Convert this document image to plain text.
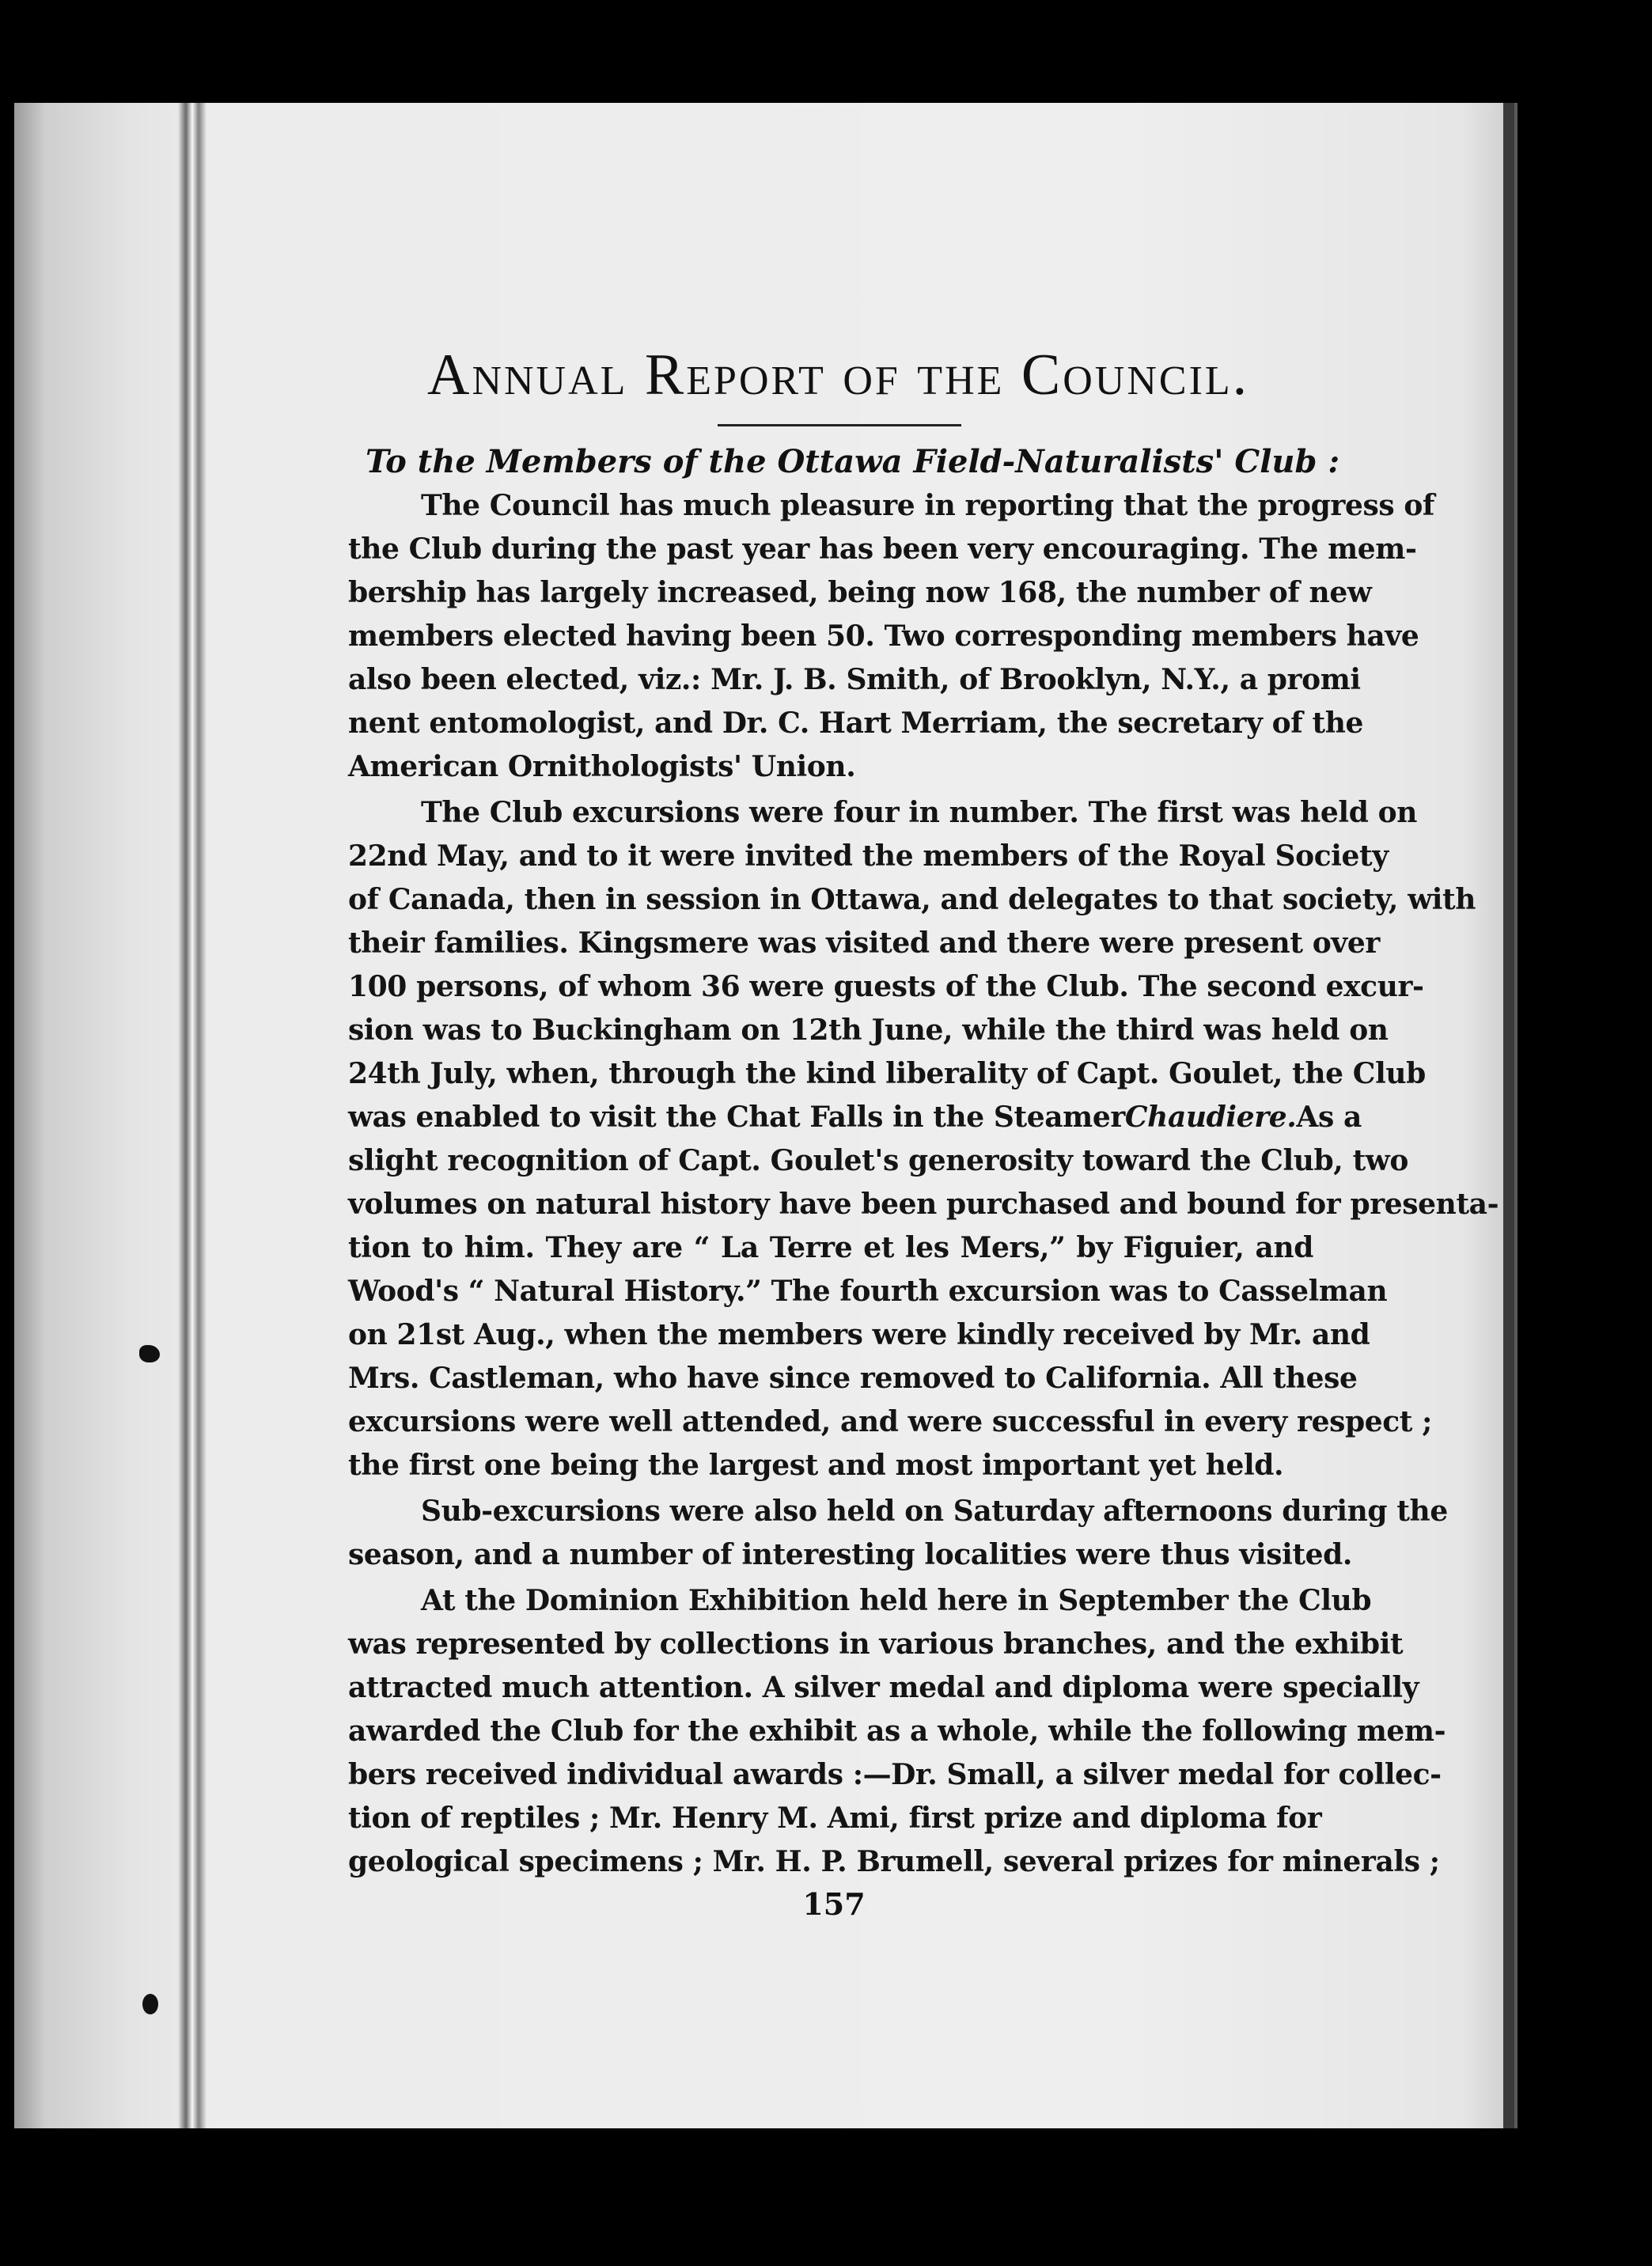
Annual Report of the Council.
To the Members of the Ottawa Field-Naturalists' Club :
The Council has much pleasure in reporting that the progress of
the Club during the past year has been very encouraging. The mem-
bership has largely increased, being now 168, the number of new
members elected having been 50. Two corresponding members have
also been elected, viz.: Mr. J. B. Smith, of Brooklyn, N.Y., a promi
nent entomologist, and Dr. C. Hart Merriam, the secretary of the
American Ornithologists' Union.
The Club excursions were four in number. The first was held on
22nd May, and to it were invited the members of the Royal Society
of Canada, then in session in Ottawa, and delegates to that society, with
their families. Kingsmere was visited and there were present over
100 persons, of whom 36 were guests of the Club. The second excur-
sion was to Buckingham on 12th June, while the third was held on
24th July, when, through the kind liberality of Capt. Goulet, the Club
was enabled to visit the Chat Falls in the Steamer Chaudiere. As a
slight recognition of Capt. Goulet's generosity toward the Club, two
volumes on natural history have been purchased and bound for presenta-
tion to him. They are “ La Terre et les Mers,” by Figuier, and
Wood's “ Natural History.” The fourth excursion was to Casselman
on 21st Aug., when the members were kindly received by Mr. and
Mrs. Castleman, who have since removed to California. All these
excursions were well attended, and were successful in every respect ;
the first one being the largest and most important yet held.
Sub-excursions were also held on Saturday afternoons during the
season, and a number of interesting localities were thus visited.
At the Dominion Exhibition held here in September the Club
was represented by collections in various branches, and the exhibit
attracted much attention. A silver medal and diploma were specially
awarded the Club for the exhibit as a whole, while the following mem-
bers received individual awards :—Dr. Small, a silver medal for collec-
tion of reptiles ; Mr. Henry M. Ami, first prize and diploma for
geological specimens ; Mr. H. P. Brumell, several prizes for minerals ;
157
